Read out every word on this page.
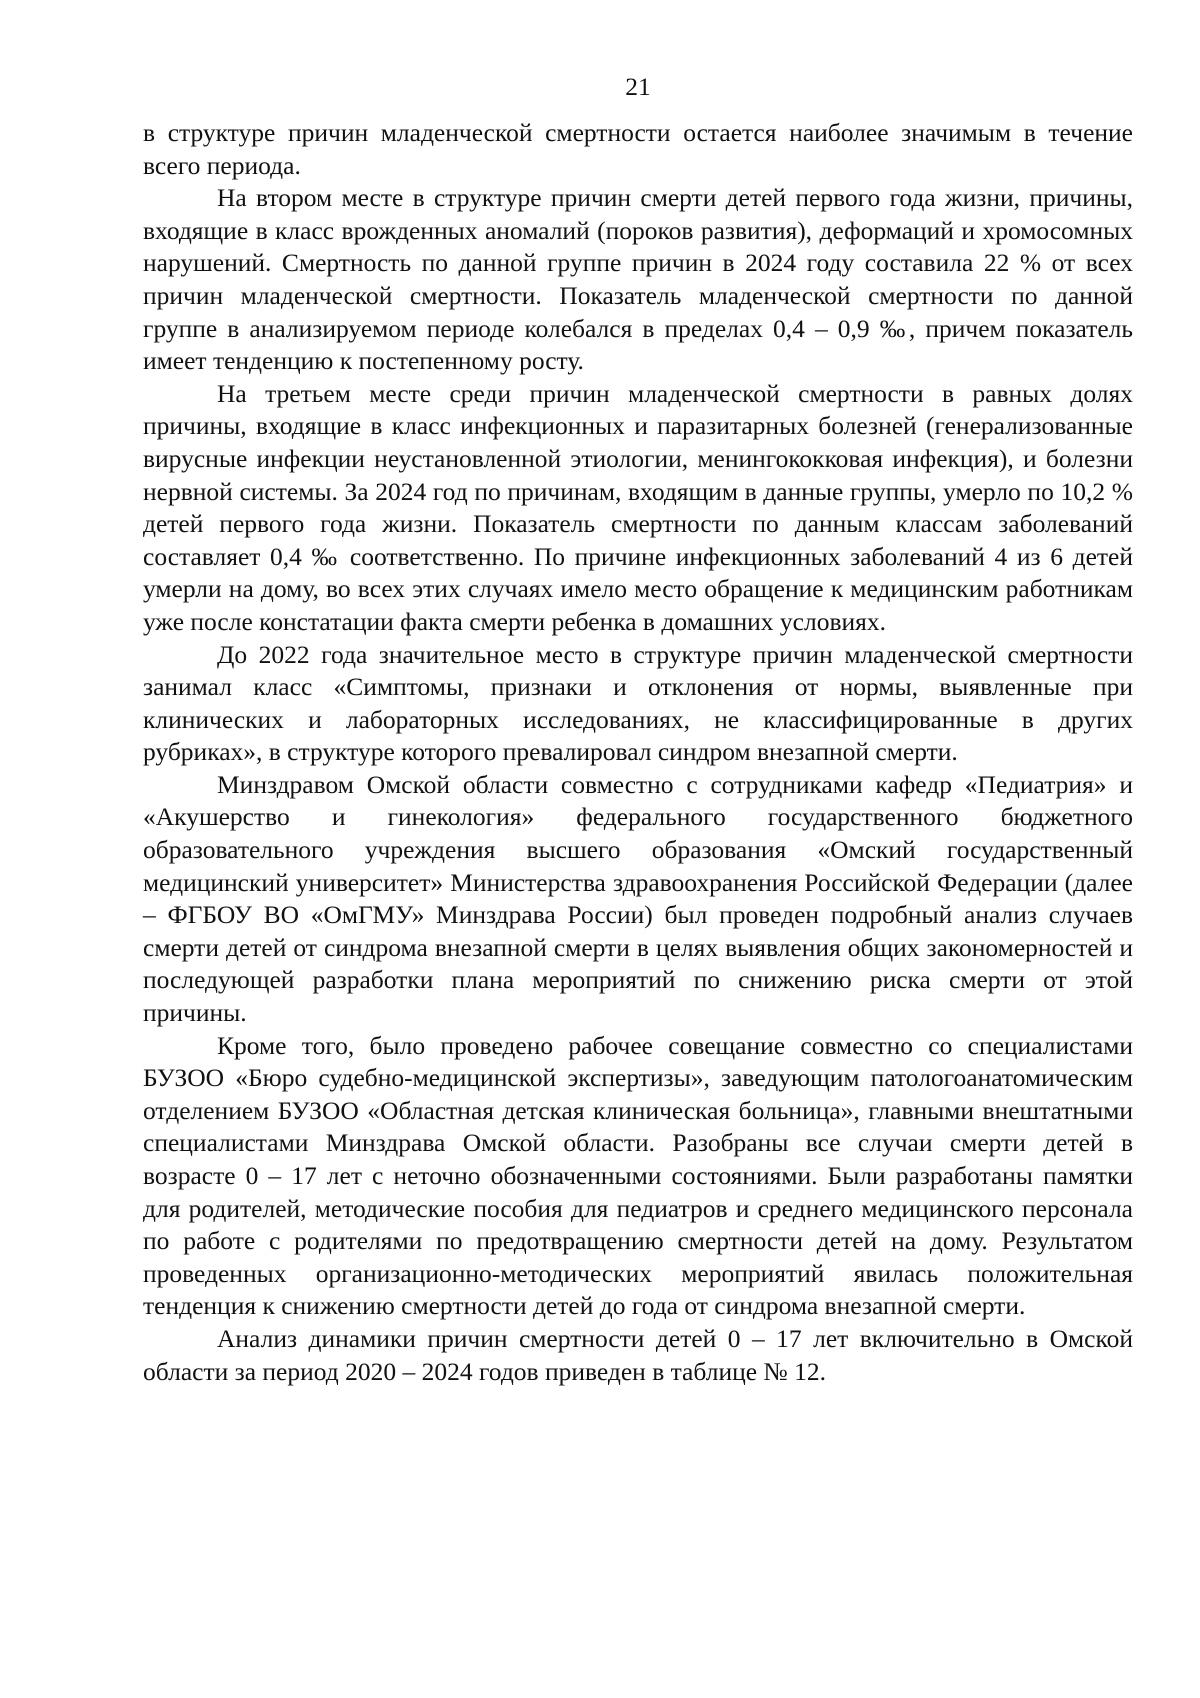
21

в структуре причин младенческой смертности остается наиболее значимым в течение всего периода.

На втором месте в структуре причин смерти детей первого года жизни, причины, входящие в класс врожденных аномалий (пороков развития), деформаций и хромосомных нарушений. Смертность по данной группе причин в 2024 году составила 22 % от всех причин младенческой смертности. Показатель младенческой смертности по данной группе в анализируемом периоде колебался в пределах 0,4 – 0,9 ‰, причем показатель имеет тенденцию к постепенному росту.

На третьем месте среди причин младенческой смертности в равных долях причины, входящие в класс инфекционных и паразитарных болезней (генерализованные вирусные инфекции неустановленной этиологии, менингококковая инфекция), и болезни нервной системы. За 2024 год по причинам, входящим в данные группы, умерло по 10,2 % детей первого года жизни. Показатель смертности по данным классам заболеваний составляет 0,4 ‰ соответственно. По причине инфекционных заболеваний 4 из 6 детей умерли на дому, во всех этих случаях имело место обращение к медицинским работникам уже после констатации факта смерти ребенка в домашних условиях.

До 2022 года значительное место в структуре причин младенческой смертности занимал класс «Симптомы, признаки и отклонения от нормы, выявленные при клинических и лабораторных исследованиях, не классифицированные в других рубриках», в структуре которого превалировал синдром внезапной смерти.

Минздравом Омской области совместно с сотрудниками кафедр «Педиатрия» и «Акушерство и гинекология» федерального государственного бюджетного образовательного учреждения высшего образования «Омский государственный медицинский университет» Министерства здравоохранения Российской Федерации (далее – ФГБОУ ВО «ОмГМУ» Минздрава России) был проведен подробный анализ случаев смерти детей от синдрома внезапной смерти в целях выявления общих закономерностей и последующей разработки плана мероприятий по снижению риска смерти от этой причины.

Кроме того, было проведено рабочее совещание совместно со специалистами БУЗОО «Бюро судебно-медицинской экспертизы», заведующим патологоанатомическим отделением БУЗОО «Областная детская клиническая больница», главными внештатными специалистами Минздрава Омской области. Разобраны все случаи смерти детей в возрасте 0 – 17 лет с неточно обозначенными состояниями. Были разработаны памятки для родителей, методические пособия для педиатров и среднего медицинского персонала по работе с родителями по предотвращению смертности детей на дому. Результатом проведенных организационно-методических мероприятий явилась положительная тенденция к снижению смертности детей до года от синдрома внезапной смерти.

Анализ динамики причин смертности детей 0 – 17 лет включительно в Омской области за период 2020 – 2024 годов приведен в таблице № 12.
